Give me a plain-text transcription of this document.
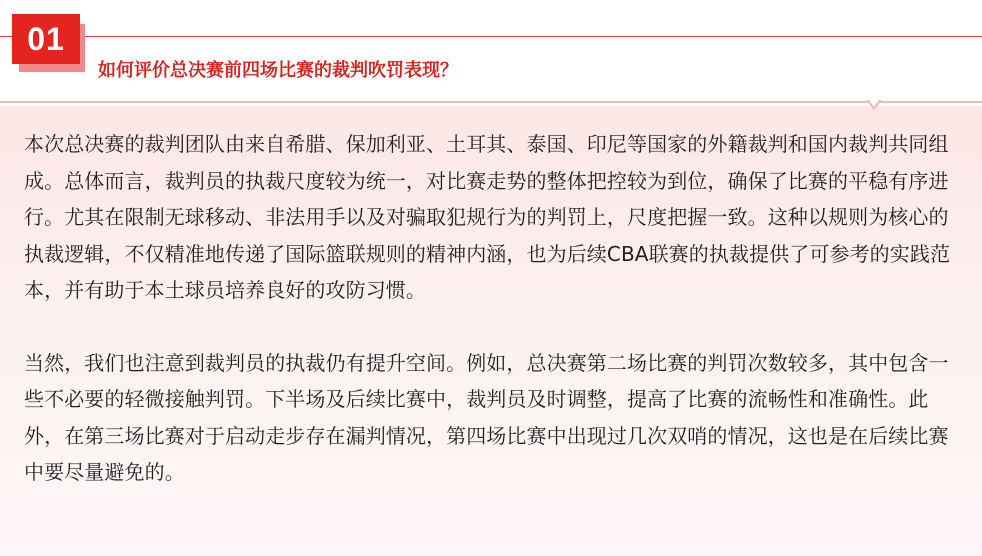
01
如何评价总决赛前四场比赛的裁判吹罚表现？

本次总决赛的裁判团队由来自希腊、保加利亚、土耳其、泰国、印尼等国家的外籍裁判和国内裁判共同组成。总体而言，裁判员的执裁尺度较为统一，对比赛走势的整体把控较为到位，确保了比赛的平稳有序进行。尤其在限制无球移动、非法用手以及对骗取犯规行为的判罚上，尺度把握一致。这种以规则为核心的执裁逻辑，不仅精准地传递了国际篮联规则的精神内涵，也为后续CBA联赛的执裁提供了可参考的实践范本，并有助于本土球员培养良好的攻防习惯。

当然，我们也注意到裁判员的执裁仍有提升空间。例如，总决赛第二场比赛的判罚次数较多，其中包含一些不必要的轻微接触判罚。下半场及后续比赛中，裁判员及时调整，提高了比赛的流畅性和准确性。此外，在第三场比赛对于启动走步存在漏判情况，第四场比赛中出现过几次双哨的情况，这也是在后续比赛中要尽量避免的。
